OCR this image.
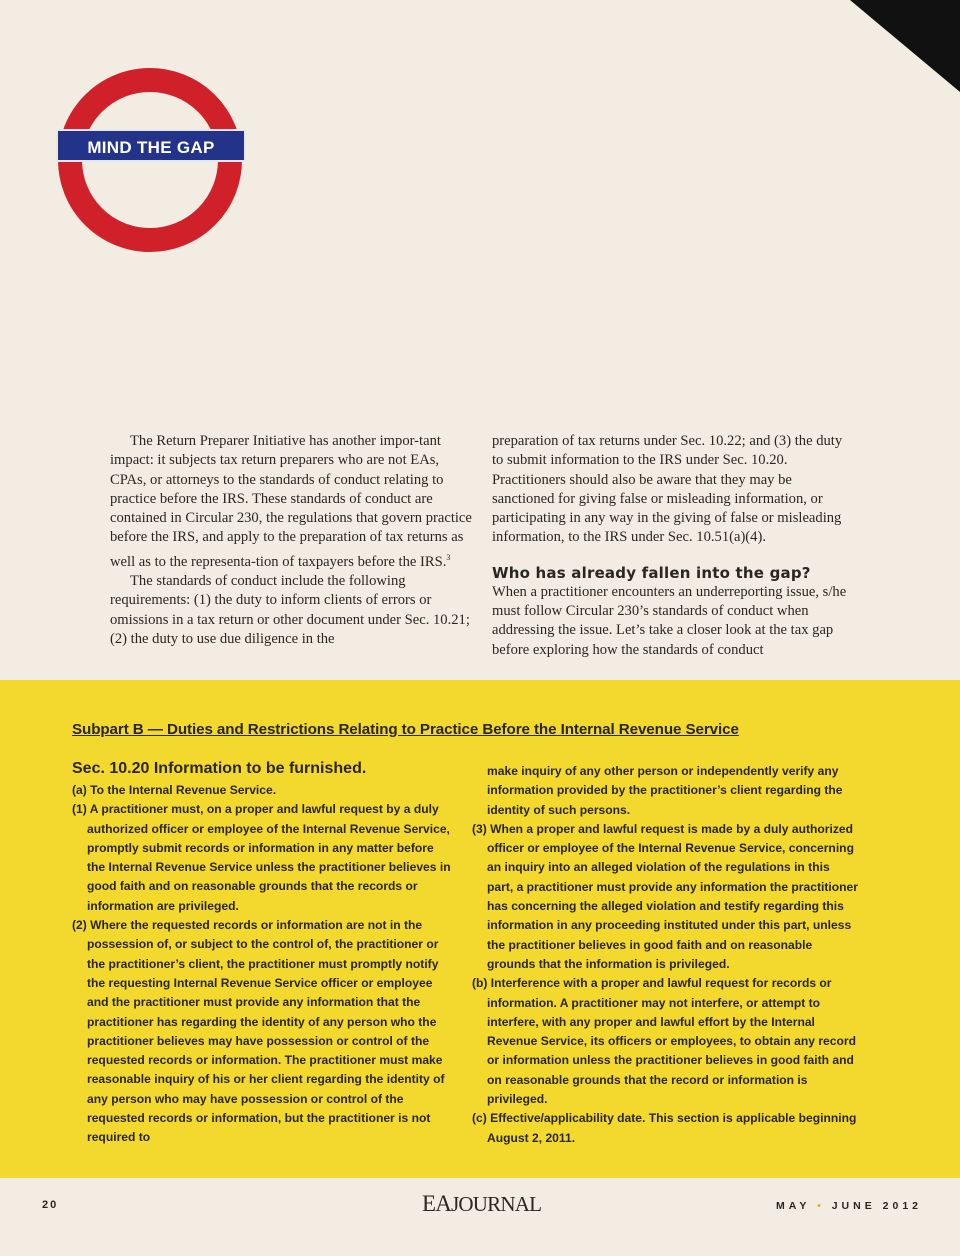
MIND THE GAP

The Return Preparer Initiative has another impor-tant impact: it subjects tax return preparers who are not EAs, CPAs, or attorneys to the standards of conduct relating to practice before the IRS. These standards of conduct are contained in Circular 230, the regulations that govern practice before the IRS, and apply to the preparation of tax returns as well as to the representa-tion of taxpayers before the IRS.$^3$

The standards of conduct include the following requirements: (1) the duty to inform clients of errors or omissions in a tax return or other document under Sec. 10.21; (2) the duty to use due diligence in the

preparation of tax returns under Sec. 10.22; and (3) the duty to submit information to the IRS under Sec. 10.20. Practitioners should also be aware that they may be sanctioned for giving false or misleading information, or participating in any way in the giving of false or misleading information, to the IRS under Sec. 10.51(a)(4).

Who has already fallen into the gap?

When a practitioner encounters an underreporting issue, s/he must follow Circular 230’s standards of conduct when addressing the issue. Let’s take a closer look at the tax gap before exploring how the standards of conduct

Subpart B — Duties and Restrictions Relating to Practice Before the Internal Revenue Service
Sec. 10.20 Information to be furnished.

(a) To the Internal Revenue Service.

(1) A practitioner must, on a proper and lawful request by a duly authorized officer or employee of the Internal Revenue Service, promptly submit records or information in any matter before the Internal Revenue Service unless the practitioner believes in good faith and on reasonable grounds that the records or information are privileged.

(2) Where the requested records or information are not in the possession of, or subject to the control of, the practitioner or the practitioner’s client, the practitioner must promptly notify the requesting Internal Revenue Service officer or employee and the practitioner must provide any information that the practitioner has regarding the identity of any person who the practitioner believes may have possession or control of the requested records or information. The practitioner must make reasonable inquiry of his or her client regarding the identity of any person who may have possession or control of the requested records or information, but the practitioner is not required to

make inquiry of any other person or independently verify any information provided by the practitioner’s client regarding the identity of such persons.

(3) When a proper and lawful request is made by a duly authorized officer or employee of the Internal Revenue Service, concerning an inquiry into an alleged violation of the regulations in this part, a practitioner must provide any information the practitioner has concerning the alleged violation and testify regarding this information in any proceeding instituted under this part, unless the practitioner believes in good faith and on reasonable grounds that the information is privileged.

(b) Interference with a proper and lawful request for records or information. A practitioner may not interfere, or attempt to interfere, with any proper and lawful effort by the Internal Revenue Service, its officers or employees, to obtain any record or information unless the practitioner believes in good faith and on reasonable grounds that the record or information is privileged.

(c) Effective/applicability date. This section is applicable beginning August 2, 2011.

20	EAJOURNAL	MAY • JUNE 2012
